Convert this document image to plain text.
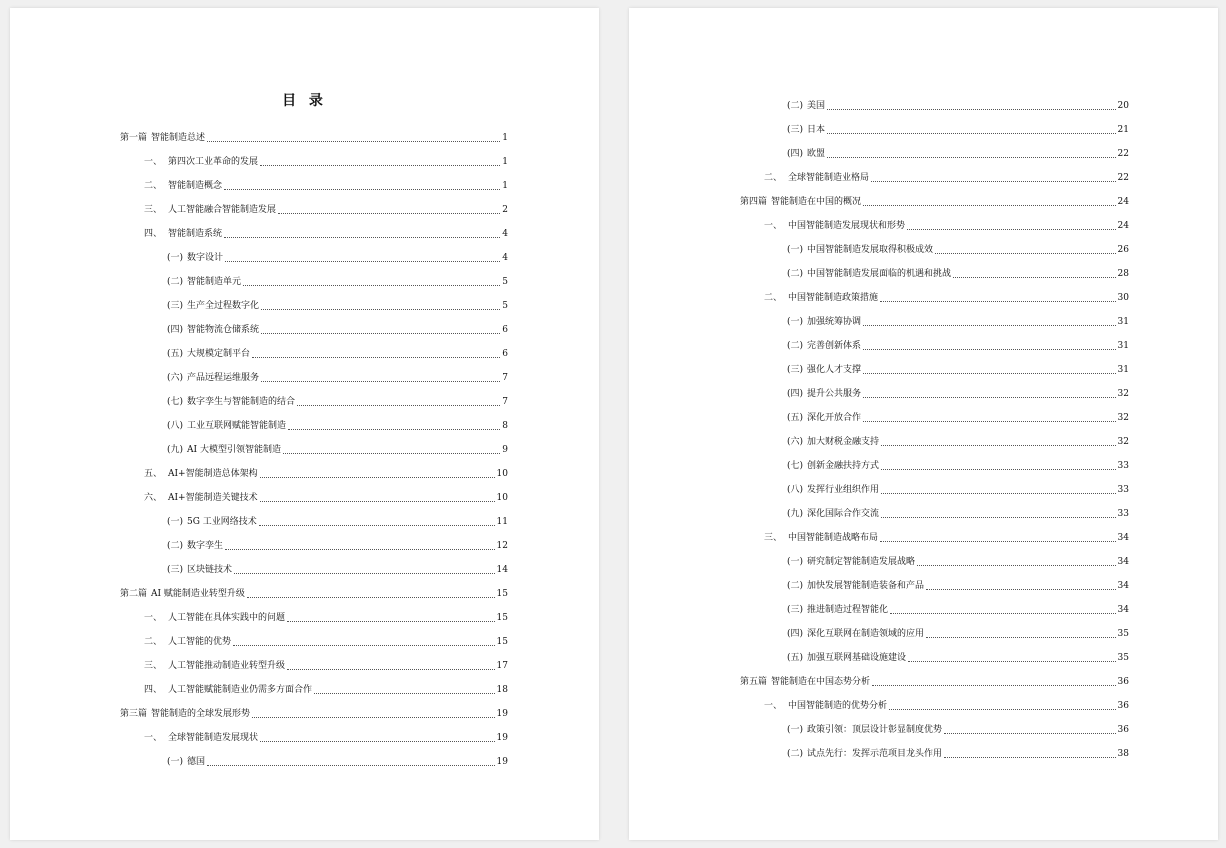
目 录
第一篇 智能制造总述	1
一、 第四次工业革命的发展	1
二、 智能制造概念	1
三、 人工智能融合智能制造发展	2
四、 智能制造系统	4
(一) 数字设计	4
(二) 智能制造单元	5
(三) 生产全过程数字化	5
(四) 智能物流仓储系统	6
(五) 大规模定制平台	6
(六) 产品远程运维服务	7
(七) 数字孪生与智能制造的结合	7
(八) 工业互联网赋能智能制造	8
(九) AI 大模型引领智能制造	9
五、 AI+智能制造总体架构	10
六、 AI+智能制造关键技术	10
(一) 5G 工业网络技术	11
(二) 数字孪生	12
(三) 区块链技术	14
第二篇 AI 赋能制造业转型升级	15
一、 人工智能在具体实践中的问题	15
二、 人工智能的优势	15
三、 人工智能推动制造业转型升级	17
四、 人工智能赋能制造业仍需多方面合作	18
第三篇 智能制造的全球发展形势	19
一、 全球智能制造发展现状	19
(一) 德国	19
(二) 美国	20
(三) 日本	21
(四) 欧盟	22
二、 全球智能制造业格局	22
第四篇 智能制造在中国的概况	24
一、 中国智能制造发展现状和形势	24
(一) 中国智能制造发展取得积极成效	26
(二) 中国智能制造发展面临的机遇和挑战	28
二、 中国智能制造政策措施	30
(一) 加强统筹协调	31
(二) 完善创新体系	31
(三) 强化人才支撑	31
(四) 提升公共服务	32
(五) 深化开放合作	32
(六) 加大财税金融支持	32
(七) 创新金融扶持方式	33
(八) 发挥行业组织作用	33
(九) 深化国际合作交流	33
三、 中国智能制造战略布局	34
(一) 研究制定智能制造发展战略	34
(二) 加快发展智能制造装备和产品	34
(三) 推进制造过程智能化	34
(四) 深化互联网在制造领域的应用	35
(五) 加强互联网基础设施建设	35
第五篇 智能制造在中国态势分析	36
一、 中国智能制造的优势分析	36
(一) 政策引领：顶层设计彰显制度优势	36
(二) 试点先行：发挥示范项目龙头作用	38
